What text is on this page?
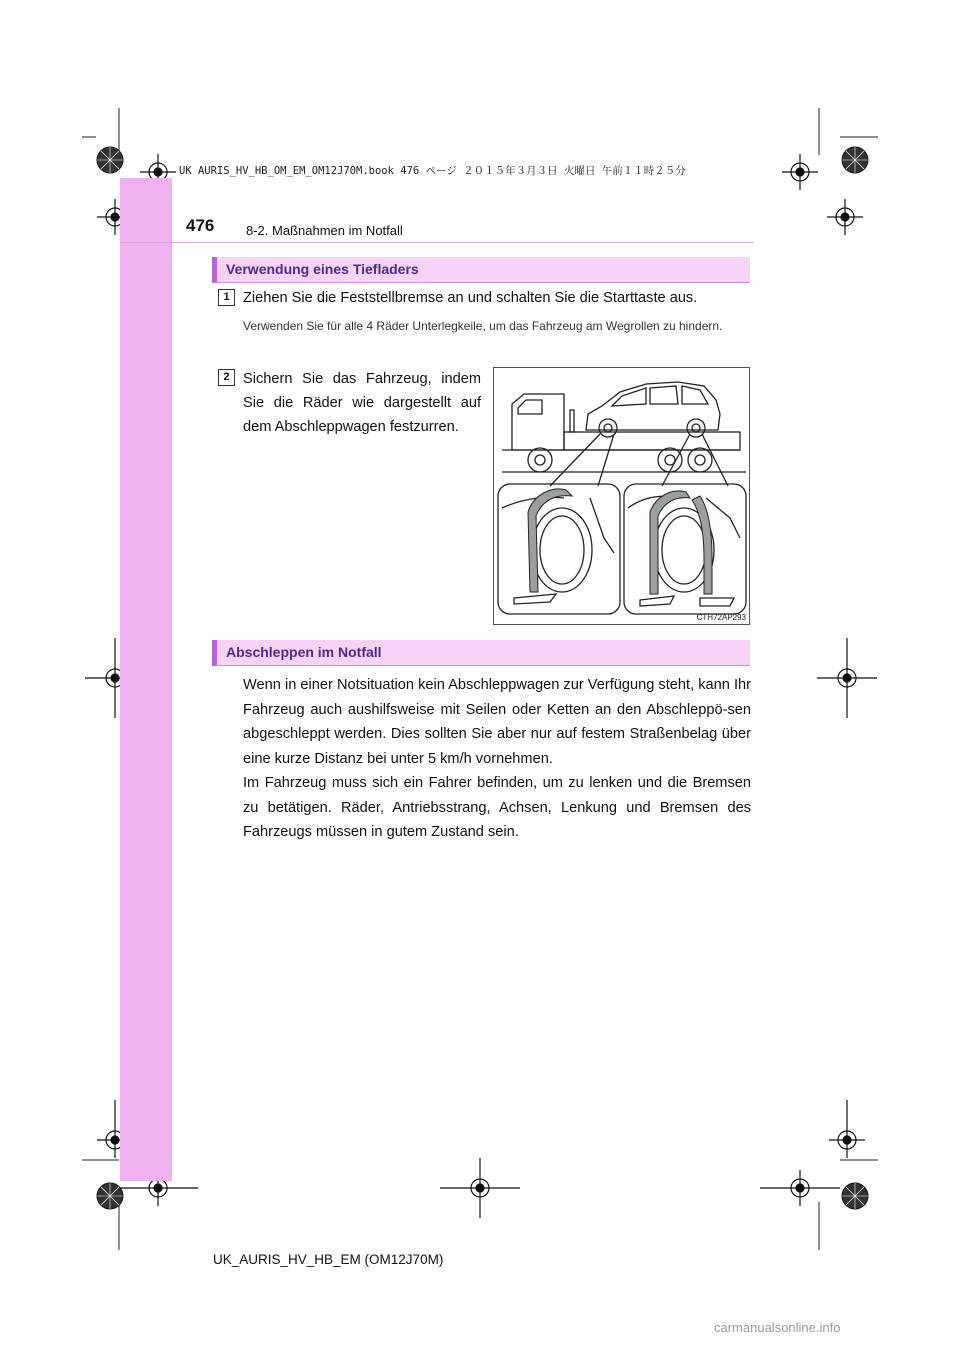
UK AURIS_HV_HB_OM_EM_OM12J70M.book 476 ページ ２０１５年３月３日 火曜日 午前１１時２５分
476 8-2. Maßnahmen im Notfall
Verwendung eines Tiefladers
1 Ziehen Sie die Feststellbremse an und schalten Sie die Starttaste aus.
Verwenden Sie für alle 4 Räder Unterlegkeile, um das Fahrzeug am Wegrollen zu hindern.
2 Sichern Sie das Fahrzeug, indem Sie die Räder wie dargestellt auf dem Abschleppwagen festzurren.
CTH72AP293
Abschleppen im Notfall
Wenn in einer Notsituation kein Abschleppwagen zur Verfügung steht, kann Ihr Fahrzeug auch aushilfsweise mit Seilen oder Ketten an den Abschleppö-sen abgeschleppt werden. Dies sollten Sie aber nur auf festem Straßenbelag über eine kurze Distanz bei unter 5 km/h vornehmen.
Im Fahrzeug muss sich ein Fahrer befinden, um zu lenken und die Bremsen zu betätigen. Räder, Antriebsstrang, Achsen, Lenkung und Bremsen des Fahrzeugs müssen in gutem Zustand sein.
UK_AURIS_HV_HB_EM (OM12J70M)
carmanualsonline.info
